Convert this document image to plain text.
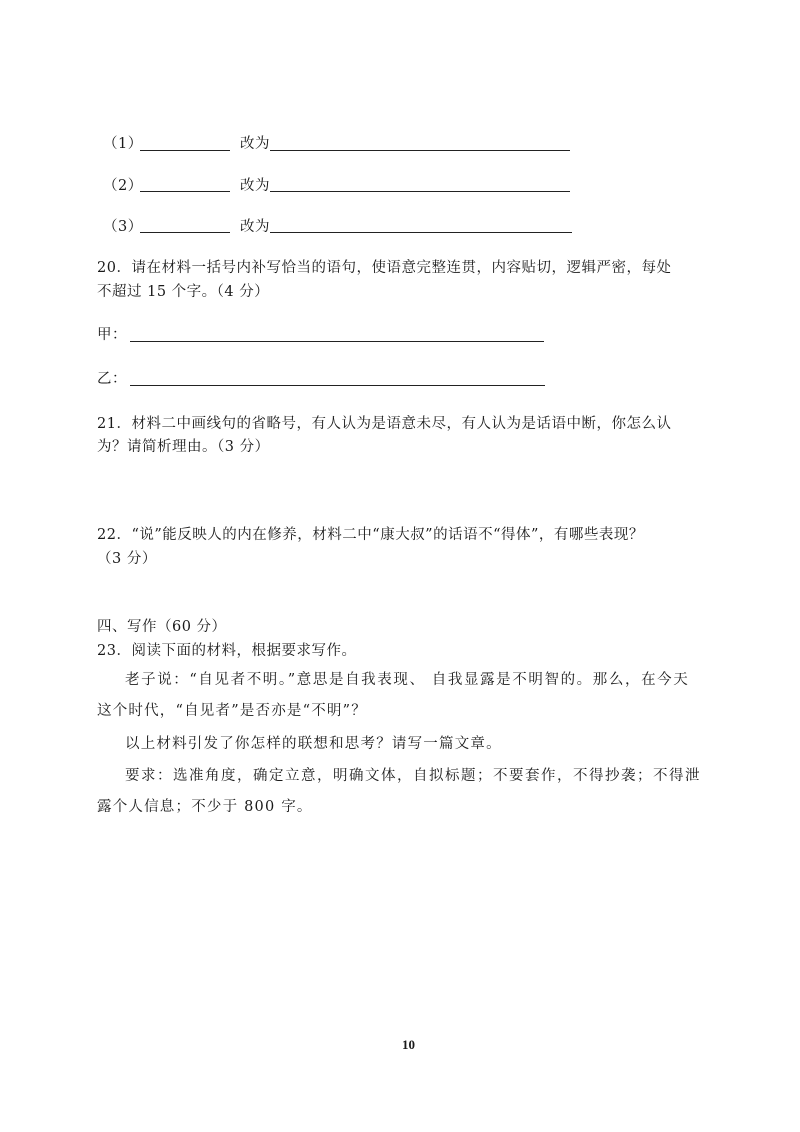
（1）	改为
（2）	改为
（3）	改为
20．请在材料一括号内补写恰当的语句，使语意完整连贯，内容贴切，逻辑严密，每处
不超过 15 个字。（4 分）
甲：
乙：
21．材料二中画线句的省略号，有人认为是语意未尽，有人认为是话语中断，你怎么认
为？请简析理由。（3 分）
22．“说”能反映人的内在修养，材料二中“康大叔”的话语不“得体”，有哪些表现？
（3 分）
四、写作（60 分）
23．阅读下面的材料，根据要求写作。
老子说：“自见者不明。”意思是自我表现、 自我显露是不明智的。那么，在今天
这个时代，“自见者”是否亦是“不明”？
以上材料引发了你怎样的联想和思考？请写一篇文章。
要求：选准角度，确定立意，明确文体，自拟标题；不要套作，不得抄袭；不得泄
露个人信息；不少于 800 字。
10
